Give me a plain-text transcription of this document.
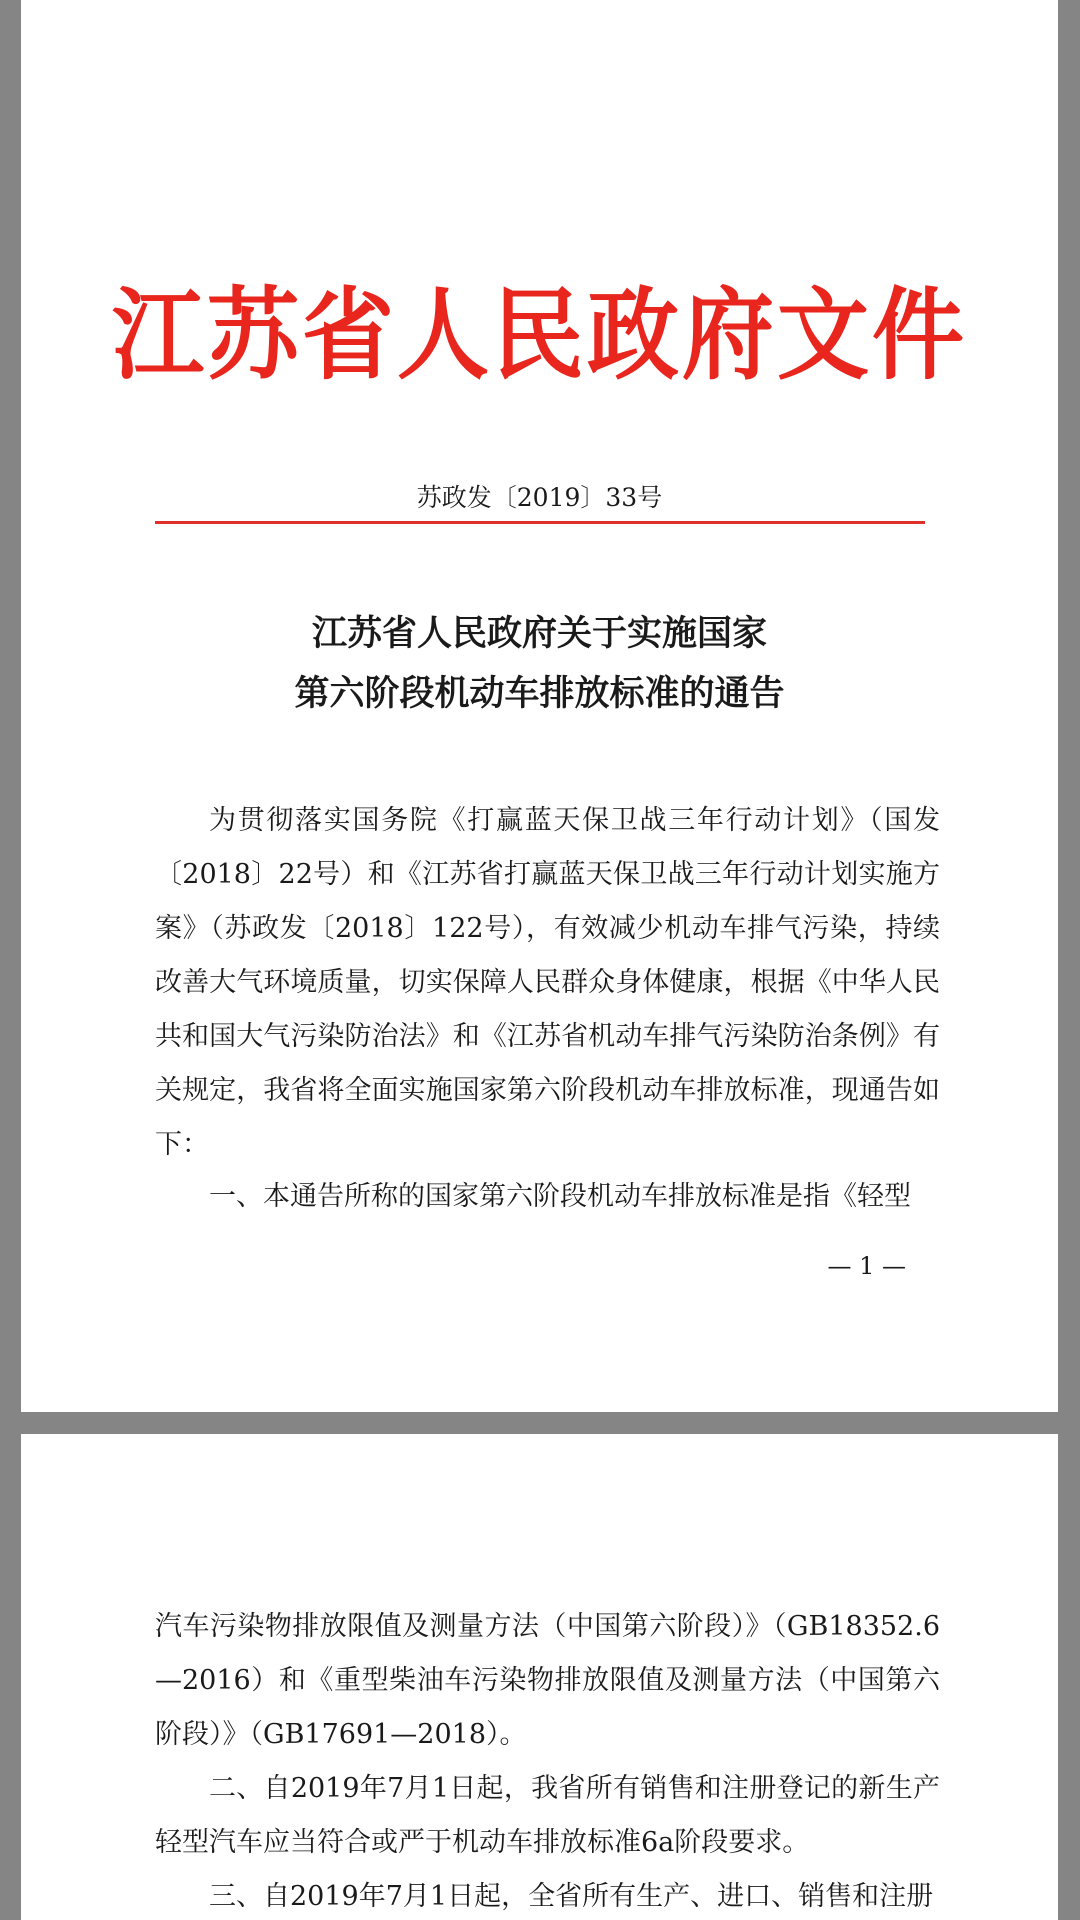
江苏省人民政府文件
苏政发〔2019〕33号
江苏省人民政府关于实施国家
第六阶段机动车排放标准的通告

为贯彻落实国务院《打赢蓝天保卫战三年行动计划》（国发〔2018〕22号）和《江苏省打赢蓝天保卫战三年行动计划实施方案》（苏政发〔2018〕122号），有效减少机动车排气污染，持续改善大气环境质量，切实保障人民群众身体健康，根据《中华人民共和国大气污染防治法》和《江苏省机动车排气污染防治条例》有关规定，我省将全面实施国家第六阶段机动车排放标准，现通告如下：

一、本通告所称的国家第六阶段机动车排放标准是指《轻型

— 1 —

汽车污染物排放限值及测量方法（中国第六阶段）》（GB18352.6—2016）和《重型柴油车污染物排放限值及测量方法（中国第六阶段）》（GB17691—2018）。

二、自2019年7月1日起，我省所有销售和注册登记的新生产轻型汽车应当符合或严于机动车排放标准6a阶段要求。

三、自2019年7月1日起，全省所有生产、进口、销售和注册
